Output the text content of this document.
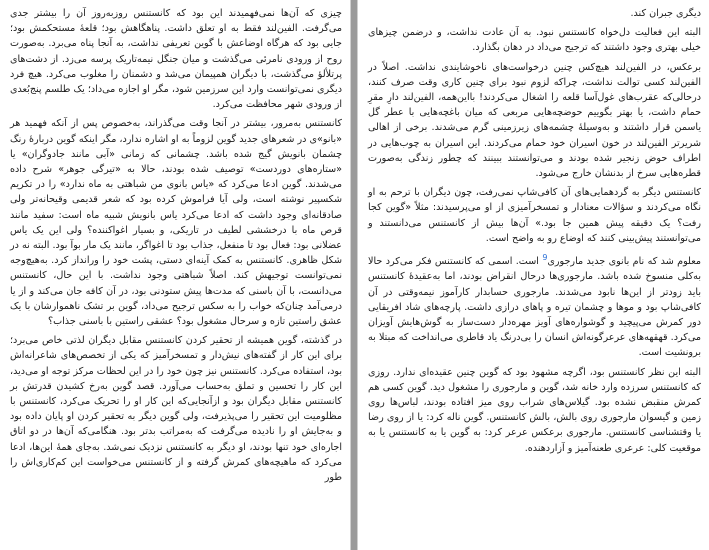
چیزی که آن‌ها نمی‌فهمیدند این بود که کانستنس روزبه‌روز آن را بیشتر جدی می‌گرفت. الفین‌لند فقط به او تعلق داشت. پناهگاهش بود؛ قلعهٔ مستحکمش بود؛ جایی بود که هرگاه اوضاعش با گوین تعریفی نداشت، به آنجا پناه می‌برد. به‌صورت روح از ورودی نامرئی می‌گذشت و میان جنگل نیمه‌تاریک پرسه می‌زد. از دشت‌های پرتلألؤ می‌گذشت، با دیگران همپیمان می‌شد و دشمنان را مغلوب می‌کرد. هیچ فرد دیگری نمی‌توانست وارد این سرزمین شود، مگر او اجازه می‌داد؛ یک طلسم پنج‌بُعدی از ورودی شهر محافظت می‌کرد.

کانستنس به‌مرور، بیشتر در آنجا وقت می‌گذراند، به‌خصوص پس از آنکه فهمید هر «بانو»ی در شعرهای جدید گوین لزوماً به او اشاره ندارد، مگر اینکه گوین دربارهٔ رنگ چشمان بانویش گیج شده باشد. چشمانی که زمانی «آبی مانند جادوگران» یا «ستاره‌های دوردست» توصیف شده بودند، حالا به «تیرگی جوهر» شرح داده می‌شدند. گوین ادعا می‌کرد که «یاس بانوی من شباهتی به ماه ندارد» را در تکریم شکسپیر نوشته است، ولی آیا فراموش کرده بود که شعر قدیمی وقیحانه‌تر ولی صادقانه‌ای وجود داشت که ادعا می‌کرد یاس بانویش شبیه ماه است: سفید مانند قرص ماه با درخششی لطیف در تاریکی، و بسیار اغواکننده؟ ولی این یک یاس عضلانی بود: فعال بود تا منفعل، جذاب بود تا اغواگر، مانند یک مار بوآ بود. البته نه در شکل ظاهری. کانستنس به کمک آینه‌ای دستی، پشت خود را ورانداز کرد. به‌هیچ‌وجه نمی‌توانست توجیهش کند. اصلاً شباهتی وجود نداشت. با این حال، کانستنس می‌دانست، با آن باسنی که مدت‌ها پیش ستودنی بود، در آن کافه جان می‌کند و از یا درمی‌آمد چنان‌که خواب را به سکس ترجیح می‌داد، گوین بر تشک ناهموارشان با یک عشق راستین تازه و سرحال مشغول بود؟ عشقی راستین با باسنی جذاب؟

در گذشته، گوین همیشه از تحقیر کردن کانستنس مقابل دیگران لذتی خاص می‌برد؛ برای این کار از گفته‌های نیش‌دار و تمسخرآمیز که یکی از تخصص‌های شاعرانه‌اش بود، استفاده می‌کرد. کانستنس نیز چون خود را در این لحظات مرکز توجه او می‌دید، این کار را تحسین و تملق به‌حساب می‌آورد. قصد گوین به‌رخ کشیدن قدرتش بر کانستنس مقابل دیگران بود و ازآنجایی‌که این کار او را تحریک می‌کرد، کانستنس با مظلومیت این تحقیر را می‌پذیرفت، ولی گوین دیگر به تحقیر کردن او پایان داده بود و به‌جایش او را نادیده می‌گرفت که به‌مراتب بدتر بود. هنگامی‌که آن‌ها در دو اتاق اجاره‌ای خود تنها بودند، او دیگر به کانستنس نزدیک نمی‌شد. به‌جای همهٔ این‌ها، ادعا می‌کرد که ماهیچه‌های کمرش گرفته و از کانستنس می‌خواست این کم‌کاری‌اش را طور

دیگری جبران کند.

البته این فعالیت دل‌خواه کانستنس نبود. به آن عادت نداشت، و درضمن چیزهای خیلی بهتری وجود داشتند که ترجیح می‌داد در دهان بگذارد.

برعکس، در الفین‌لند هیچ‌کس چنین درخواست‌های ناخوشایندی نداشت. اصلاً در الفین‌لند کسی توالت نداشت، چراکه لزوم نبود برای چنین کاری وقت صرف کنند، درحالی‌که عقرب‌های غول‌آسا قلعه را اشغال می‌کردند! بااین‌همه، الفین‌لند دارِ مقرِ حمام داشت، یا بهتر بگوییم حوضچه‌هایی مربعی که میان باغچه‌هایی با عطر گل یاسمن قرار داشتند و به‌وسیلهٔ چشمه‌های زیرزمینی گرم می‌شدند. برخی از اهالی شریرتر الفین‌لند در خون اسیران خود حمام می‌کردند. این اسیران به چوب‌هایی در اطراف حوض زنجیر شده بودند و می‌توانستند ببینند که چطور زندگی به‌صورت قطره‌هایی سرخ از بدنشان خارج می‌شود.

کانستنس دیگر به گردهمایی‌های آن کافی‌شاپ نمی‌رفت، چون دیگران با ترحم به او نگاه می‌کردند و سؤالات معنادار و تمسخرآمیزی از او می‌پرسیدند: مثلاً «گوین کجا رفت؟ یک دقیقه پیش همین جا بود.» آن‌ها بیش از کانستنس می‌دانستند و می‌توانستند پیش‌بینی کنند که اوضاع رو به واضح است.

معلوم شد که نام بانوی جدید مارجوری$^9$ است. اسمی که کانستنس فکر می‌کرد حالا به‌کلی منسوخ شده باشد. مارجوری‌ها درحال انقراض بودند، اما به‌عقیدهٔ کانستنس باید زودتر از این‌ها نابود می‌شدند. مارجوری حسابدار کارآموز نیمه‌وقتی در آن کافی‌شاپ بود و موها و چشمان تیره و پاهای درازی داشت. پارچه‌های شاد افریقایی دور کمرش می‌پیچید و گوشواره‌های آویز مهره‌دار دست‌ساز به گوش‌هایش آویزان می‌کرد. قهقهه‌های عرعرگونه‌اش انسان را بی‌درنگ یاد قاطری می‌انداخت که مبتلا به برونشیت است.

البته این نظر کانستنس بود، اگرچه مشهود بود که گوین چنین عقیده‌ای ندارد. روزی که کانستنس سرزده وارد خانه شد، گوین و مارجوری را مشغول دید. گوین کسی هم کمرش منقبض نشده بود. گیلاس‌های شراب روی میز افتاده بودند، لباس‌ها روی زمین و گیسوان مارجوری روی بالش، بالش کانستنس. گوین ناله کرد: یا از روی رضا یا وقتشناسی کانستنس. مارجوری برعکس عرعر کرد: به گوین یا به کانستنس یا به موقعیت کلی: عرعری طعنه‌آمیز و آزاردهنده.
